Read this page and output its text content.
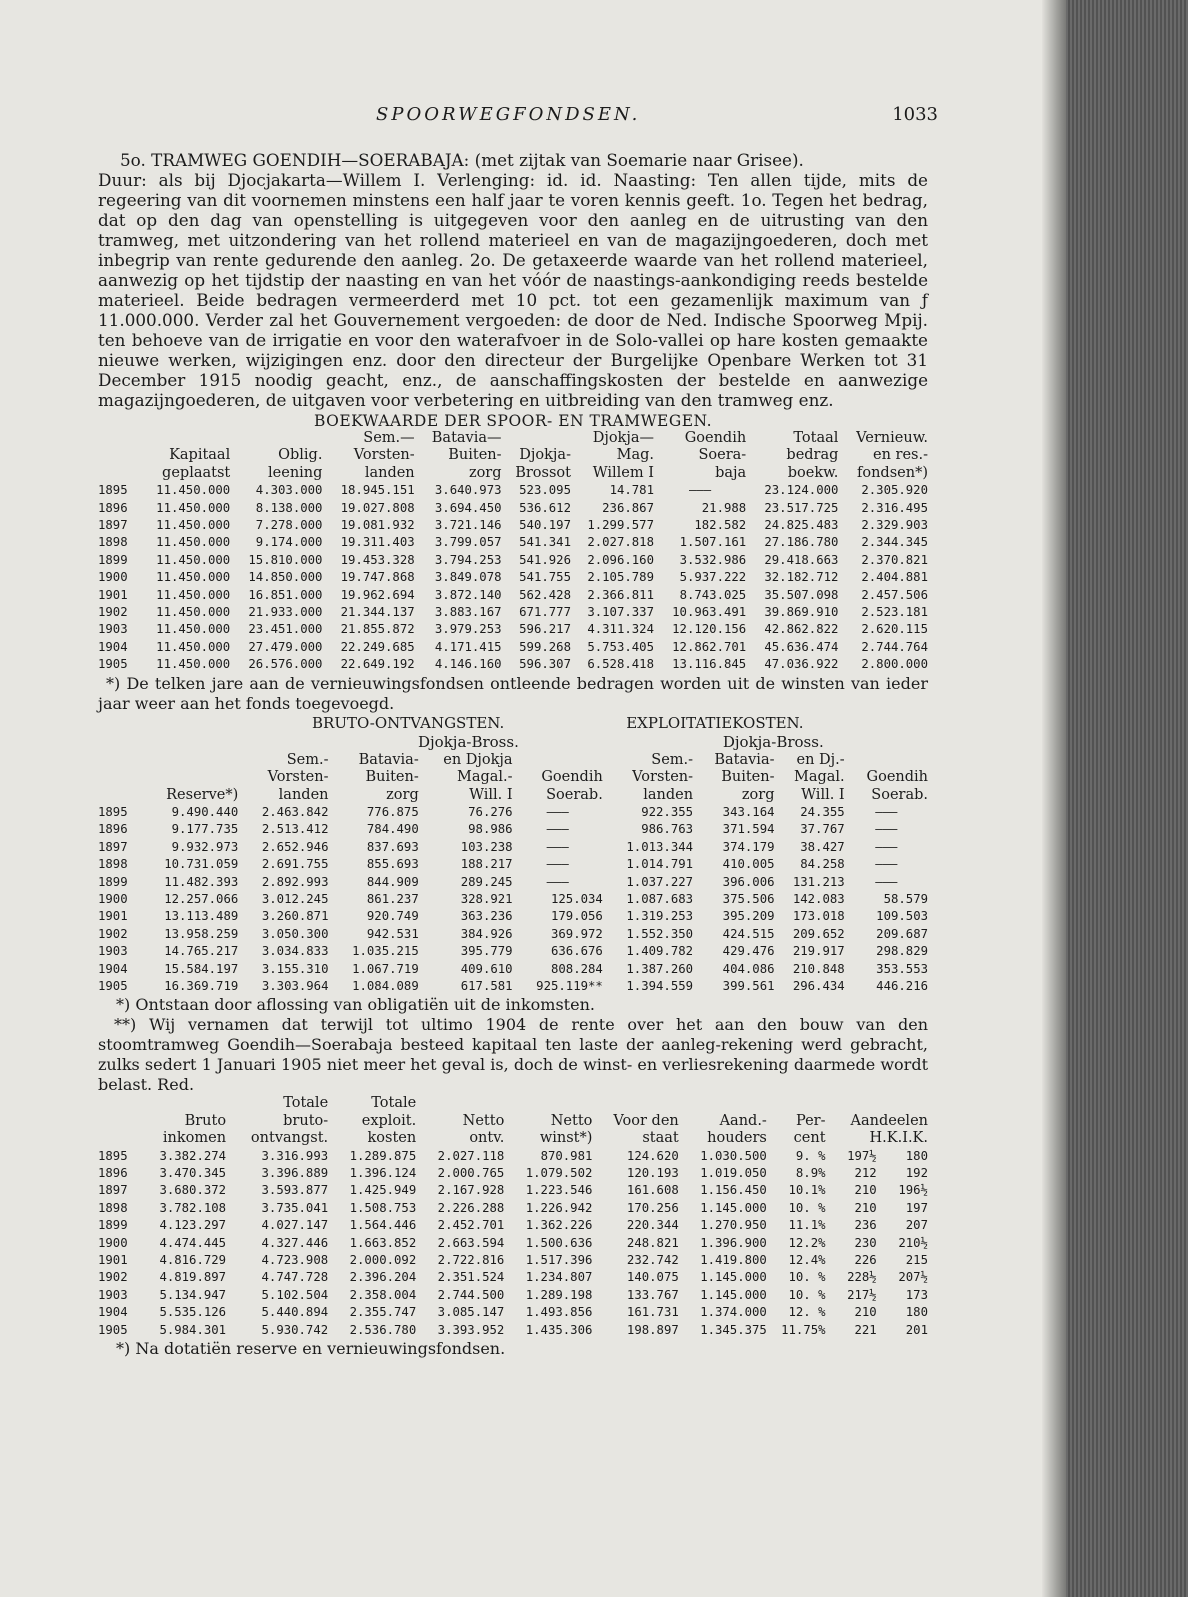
SPOORWEGFONDSEN.	1033

5o. TRAMWEG GOENDIH—SOERABAJA: (met zijtak van Soemarie naar Grisee).

Duur: als bij Djocjakarta—Willem I. Verlenging: id. id. Naasting: Ten allen tijde, mits de regeering van dit voornemen minstens een half jaar te voren kennis geeft. 1o. Tegen het bedrag, dat op den dag van openstelling is uitgegeven voor den aanleg en de uitrusting van den tramweg, met uitzondering van het rollend materieel en van de magazijngoederen, doch met inbegrip van rente gedurende den aanleg. 2o. De getaxeerde waarde van het rollend materieel, aanwezig op het tijdstip der naasting en van het vóór de naastings-aankondiging reeds bestelde materieel. Beide bedragen vermeerderd met 10 pct. tot een gezamenlijk maximum van ƒ 11.000.000. Verder zal het Gouvernement vergoeden: de door de Ned. Indische Spoorweg Mpij. ten behoeve van de irrigatie en voor den waterafvoer in de Solo-vallei op hare kosten gemaakte nieuwe werken, wijzigingen enz. door den directeur der Burgelijke Openbare Werken tot 31 December 1915 noodig geacht, enz., de aanschaffingskosten der bestelde en aanwezige magazijngoederen, de uitgaven voor verbetering en uitbreiding van den tramweg enz.

BOEKWAARDE DER SPOOR- EN TRAMWEGEN.
			Sem.—	Batavia—		Djokja—	Goendih	Totaal	Vernieuw.
	Kapitaal	Oblig.	Vorsten-	Buiten-	Djokja-	Mag.	Soera-	bedrag	en res.-
	geplaatst	leening	landen	zorg	Brossot	Willem I	baja	boekw.	fondsen*)
1895	11.450.000	4.303.000	18.945.151	3.640.973	523.095	14.781	———	23.124.000	2.305.920
1896	11.450.000	8.138.000	19.027.808	3.694.450	536.612	236.867	21.988	23.517.725	2.316.495
1897	11.450.000	7.278.000	19.081.932	3.721.146	540.197	1.299.577	182.582	24.825.483	2.329.903
1898	11.450.000	9.174.000	19.311.403	3.799.057	541.341	2.027.818	1.507.161	27.186.780	2.344.345
1899	11.450.000	15.810.000	19.453.328	3.794.253	541.926	2.096.160	3.532.986	29.418.663	2.370.821
1900	11.450.000	14.850.000	19.747.868	3.849.078	541.755	2.105.789	5.937.222	32.182.712	2.404.881
1901	11.450.000	16.851.000	19.962.694	3.872.140	562.428	2.366.811	8.743.025	35.507.098	2.457.506
1902	11.450.000	21.933.000	21.344.137	3.883.167	671.777	3.107.337	10.963.491	39.869.910	2.523.181
1903	11.450.000	23.451.000	21.855.872	3.979.253	596.217	4.311.324	12.120.156	42.862.822	2.620.115
1904	11.450.000	27.479.000	22.249.685	4.171.415	599.268	5.753.405	12.862.701	45.636.474	2.744.764
1905	11.450.000	26.576.000	22.649.192	4.146.160	596.307	6.528.418	13.116.845	47.036.922	2.800.000

*) De telken jare aan de vernieuwingsfondsen ontleende bedragen worden uit de winsten van ieder jaar weer aan het fonds toegevoegd.

BRUTO-ONTVANGSTEN.	EXPLOITATIEKOSTEN.
Djokja-Bross.	Djokja-Bross.
		Sem.-	Batavia-	en Djokja		Sem.-	Batavia-	en Dj.-	
		Vorsten-	Buiten-	Magal.-	Goendih	Vorsten-	Buiten-	Magal.	Goendih
	Reserve*)	landen	zorg	Will. I	Soerab.	landen	zorg	Will. I	Soerab.
1895	9.490.440	2.463.842	776.875	76.276	———	922.355	343.164	24.355	———
1896	9.177.735	2.513.412	784.490	98.986	———	986.763	371.594	37.767	———
1897	9.932.973	2.652.946	837.693	103.238	———	1.013.344	374.179	38.427	———
1898	10.731.059	2.691.755	855.693	188.217	———	1.014.791	410.005	84.258	———
1899	11.482.393	2.892.993	844.909	289.245	———	1.037.227	396.006	131.213	———
1900	12.257.066	3.012.245	861.237	328.921	125.034	1.087.683	375.506	142.083	58.579
1901	13.113.489	3.260.871	920.749	363.236	179.056	1.319.253	395.209	173.018	109.503
1902	13.958.259	3.050.300	942.531	384.926	369.972	1.552.350	424.515	209.652	209.687
1903	14.765.217	3.034.833	1.035.215	395.779	636.676	1.409.782	429.476	219.917	298.829
1904	15.584.197	3.155.310	1.067.719	409.610	808.284	1.387.260	404.086	210.848	353.553
1905	16.369.719	3.303.964	1.084.089	617.581	925.119**	1.394.559	399.561	296.434	446.216

*) Ontstaan door aflossing van obligatiën uit de inkomsten.

**) Wij vernamen dat terwijl tot ultimo 1904 de rente over het aan den bouw van den stoomtramweg Goendih—Soerabaja besteed kapitaal ten laste der aanleg-rekening werd gebracht, zulks sedert 1 Januari 1905 niet meer het geval is, doch de winst- en verliesrekening daarmede wordt belast. Red.

		Totale	Totale							
	Bruto	bruto-	exploit.	Netto	Netto	Voor den	Aand.-	Per-	Aandeelen	
	inkomen	ontvangst.	kosten	ontv.	winst*)	staat	houders	cent	H.K.I.K.	
1895	3.382.274	3.316.993	1.289.875	2.027.118	870.981	124.620	1.030.500	9. %	197½	180
1896	3.470.345	3.396.889	1.396.124	2.000.765	1.079.502	120.193	1.019.050	8.9%	212	192
1897	3.680.372	3.593.877	1.425.949	2.167.928	1.223.546	161.608	1.156.450	10.1%	210	196½
1898	3.782.108	3.735.041	1.508.753	2.226.288	1.226.942	170.256	1.145.000	10. %	210	197
1899	4.123.297	4.027.147	1.564.446	2.452.701	1.362.226	220.344	1.270.950	11.1%	236	207
1900	4.474.445	4.327.446	1.663.852	2.663.594	1.500.636	248.821	1.396.900	12.2%	230	210½
1901	4.816.729	4.723.908	2.000.092	2.722.816	1.517.396	232.742	1.419.800	12.4%	226	215
1902	4.819.897	4.747.728	2.396.204	2.351.524	1.234.807	140.075	1.145.000	10. %	228½	207½
1903	5.134.947	5.102.504	2.358.004	2.744.500	1.289.198	133.767	1.145.000	10. %	217½	173
1904	5.535.126	5.440.894	2.355.747	3.085.147	1.493.856	161.731	1.374.000	12. %	210	180
1905	5.984.301	5.930.742	2.536.780	3.393.952	1.435.306	198.897	1.345.375	11.75%	221	201

*) Na dotatiën reserve en vernieuwingsfondsen.
